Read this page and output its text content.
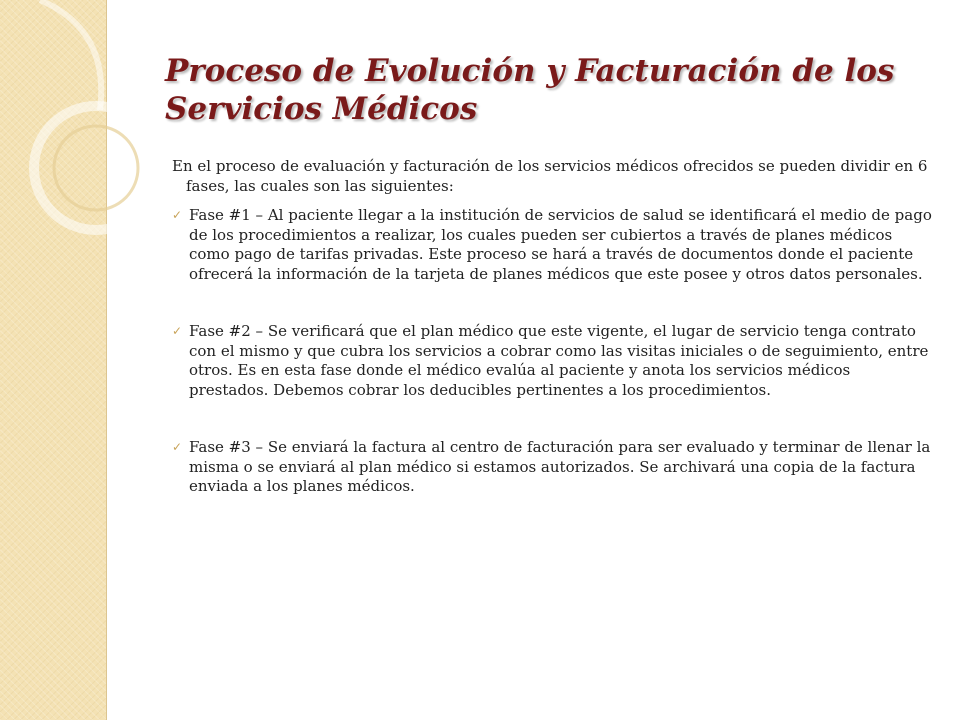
Proceso de Evolución y Facturación de los Servicios Médicos

En el proceso de evaluación y facturación de los servicios médicos ofrecidos se pueden dividir en 6 fases, las cuales son las siguientes:

✓ Fase #1 – Al paciente llegar a la institución de servicios de salud se identificará el medio de pago de los procedimientos a realizar, los cuales pueden ser cubiertos a través de planes médicos como pago de tarifas privadas. Este proceso se hará a través de documentos donde el paciente ofrecerá la información de la tarjeta de planes médicos que este posee y otros datos personales.
✓ Fase #2 – Se verificará que el plan médico que este vigente, el lugar de servicio tenga contrato con el mismo y que cubra los servicios a cobrar como las visitas iniciales o de seguimiento, entre otros. Es en esta fase donde el médico evalúa al paciente y anota los servicios médicos prestados. Debemos cobrar los deducibles pertinentes a los procedimientos.
✓ Fase #3 – Se enviará la factura al centro de facturación para ser evaluado y terminar de llenar la misma o se enviará al plan médico si estamos autorizados. Se archivará una copia de la factura enviada a los planes médicos.
